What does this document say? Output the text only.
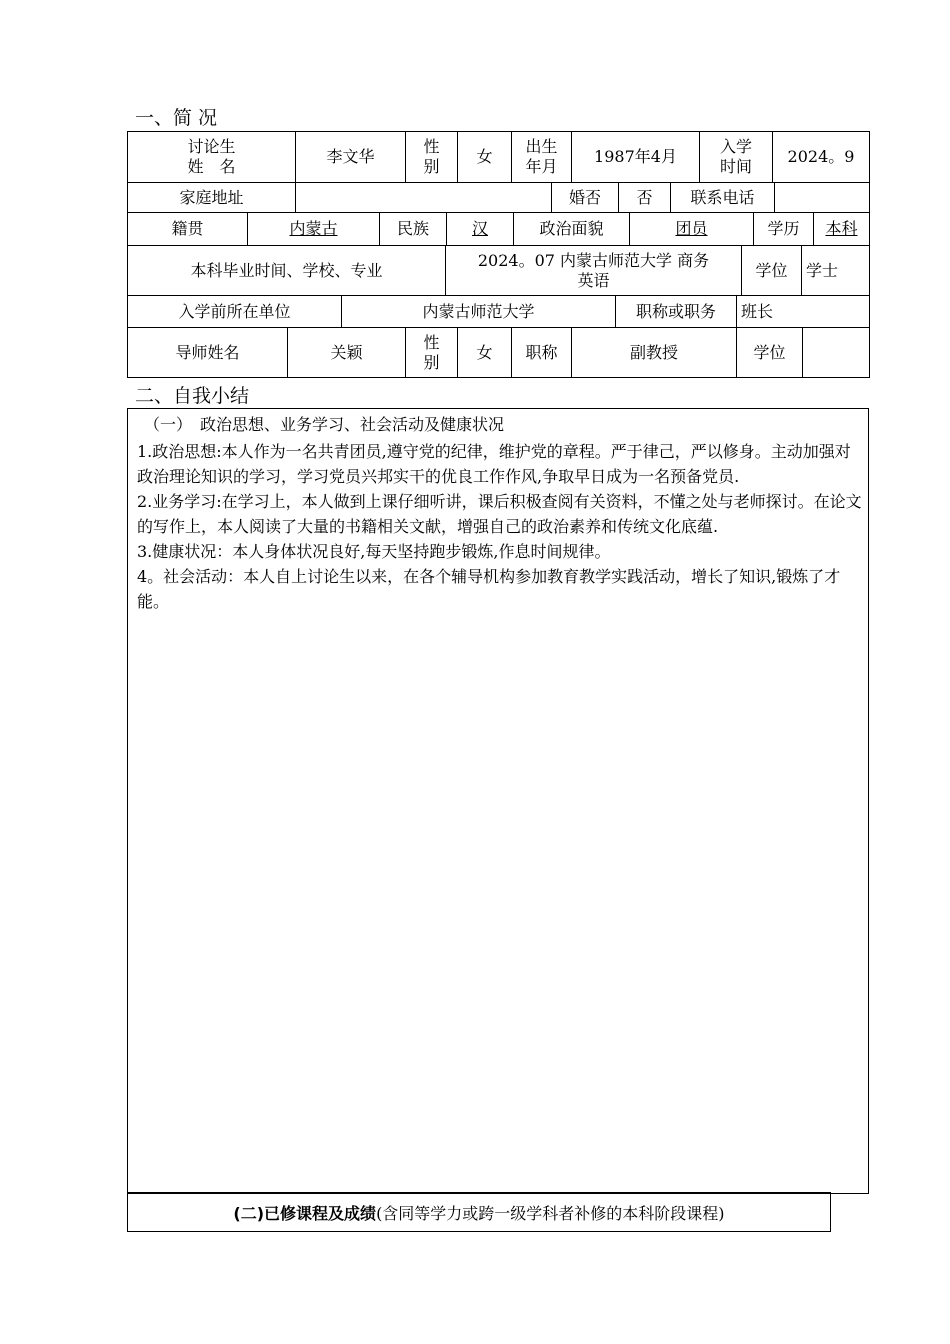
一、简 况
讨论生
姓　名
	李文华	
性
别
	女	
出生
年月
	1987年4月	
入学
时间
	2024。9
家庭地址		婚否	否	联系电话	
籍贯	内蒙古	民族	汉	政治面貌	团员	学历	本科
本科毕业时间、学校、专业	
2024。07 内蒙古师范大学 商务
英语
	学位	学士
入学前所在单位	内蒙古师范大学	职称或职务	班长
导师姓名	关颖	
性
别
	女	职称	副教授	学位	
二、自我小结
（一）　政治思想、业务学习、社会活动及健康状况

1.政治思想:本人作为一名共青团员,遵守党的纪律，维护党的章程。严于律己，严以修身。主动加强对政治理论知识的学习，学习党员兴邦实干的优良工作作风,争取早日成为一名预备党员.

2.业务学习:在学习上，本人做到上课仔细听讲，课后积极查阅有关资料，不懂之处与老师探讨。在论文的写作上，本人阅读了大量的书籍相关文献，增强自己的政治素养和传统文化底蕴.

3.健康状况：本人身体状况良好,每天坚持跑步锻炼,作息时间规律。

4。社会活动：本人自上讨论生以来，在各个辅导机构参加教育教学实践活动，增长了知识,锻炼了才能。

(二)已修课程及成绩 (含同等学力或跨一级学科者补修的本科阶段课程)
